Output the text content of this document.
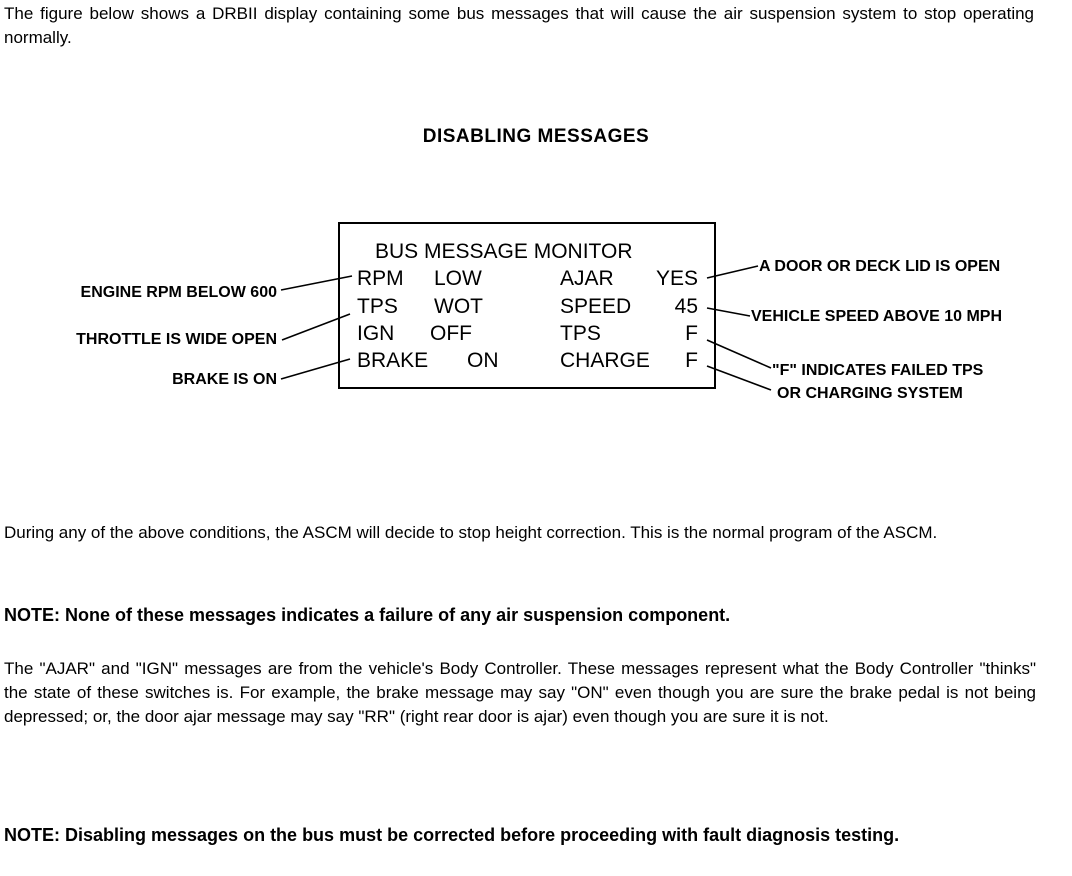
The figure below shows a DRBII display containing some bus messages that will cause the air suspension system to stop operating normally.
DISABLING MESSAGES
BUS MESSAGE MONITOR
RPM LOW	AJAR YES
TPS WOT	SPEED 45
IGN OFF	TPS	F
BRAKE ON	CHARGE F
ENGINE RPM BELOW 600
THROTTLE IS WIDE OPEN
BRAKE IS ON
A DOOR OR DECK LID IS OPEN
VEHICLE SPEED ABOVE 10 MPH
"F" INDICATES FAILED TPS
OR CHARGING SYSTEM
During any of the above conditions, the ASCM will decide to stop height correction. This is the normal program of the ASCM.
NOTE: None of these messages indicates a failure of any air suspension component.
The "AJAR" and "IGN" messages are from the vehicle's Body Controller. These messages represent what the Body Controller "thinks" the state of these switches is. For example, the brake message may say "ON" even though you are sure the brake pedal is not being depressed; or, the door ajar message may say "RR" (right rear door is ajar) even though you are sure it is not.
NOTE: Disabling messages on the bus must be corrected before proceeding with fault diagnosis testing.
